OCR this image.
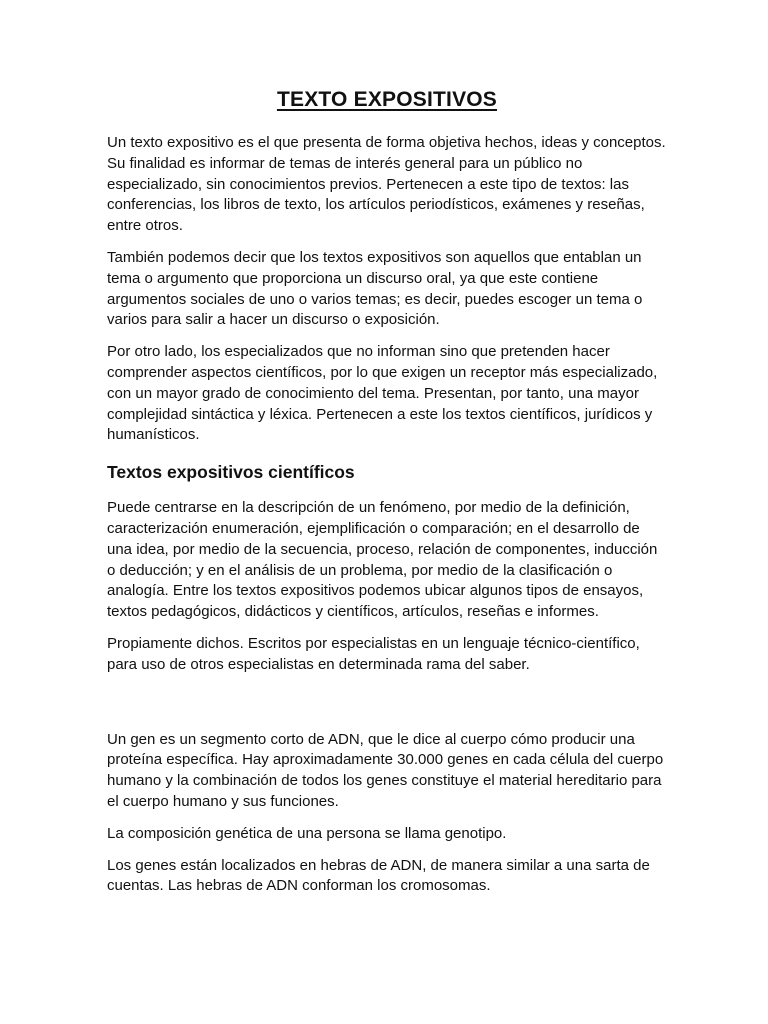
TEXTO EXPOSITIVOS

Un texto expositivo es el que presenta de forma objetiva hechos, ideas y conceptos. Su finalidad es informar de temas de interés general para un público no especializado, sin conocimientos previos. Pertenecen a este tipo de textos: las conferencias, los libros de texto, los artículos periodísticos, exámenes y reseñas, entre otros.

También podemos decir que los textos expositivos son aquellos que entablan un tema o argumento que proporciona un discurso oral, ya que este contiene argumentos sociales de uno o varios temas; es decir, puedes escoger un tema o varios para salir a hacer un discurso o exposición.

Por otro lado, los especializados que no informan sino que pretenden hacer comprender aspectos científicos, por lo que exigen un receptor más especializado, con un mayor grado de conocimiento del tema. Presentan, por tanto, una mayor complejidad sintáctica y léxica. Pertenecen a este los textos científicos, jurídicos y humanísticos.

Textos expositivos científicos

Puede centrarse en la descripción de un fenómeno, por medio de la definición, caracterización enumeración, ejemplificación o comparación; en el desarrollo de una idea, por medio de la secuencia, proceso, relación de componentes, inducción o deducción; y en el análisis de un problema, por medio de la clasificación o analogía. Entre los textos expositivos podemos ubicar algunos tipos de ensayos, textos pedagógicos, didácticos y científicos, artículos, reseñas e informes.

Propiamente dichos. Escritos por especialistas en un lenguaje técnico-científico, para uso de otros especialistas en determinada rama del saber.

Un gen es un segmento corto de ADN, que le dice al cuerpo cómo producir una proteína específica. Hay aproximadamente 30.000 genes en cada célula del cuerpo humano y la combinación de todos los genes constituye el material hereditario para el cuerpo humano y sus funciones.

La composición genética de una persona se llama genotipo.

Los genes están localizados en hebras de ADN, de manera similar a una sarta de cuentas. Las hebras de ADN conforman los cromosomas.
